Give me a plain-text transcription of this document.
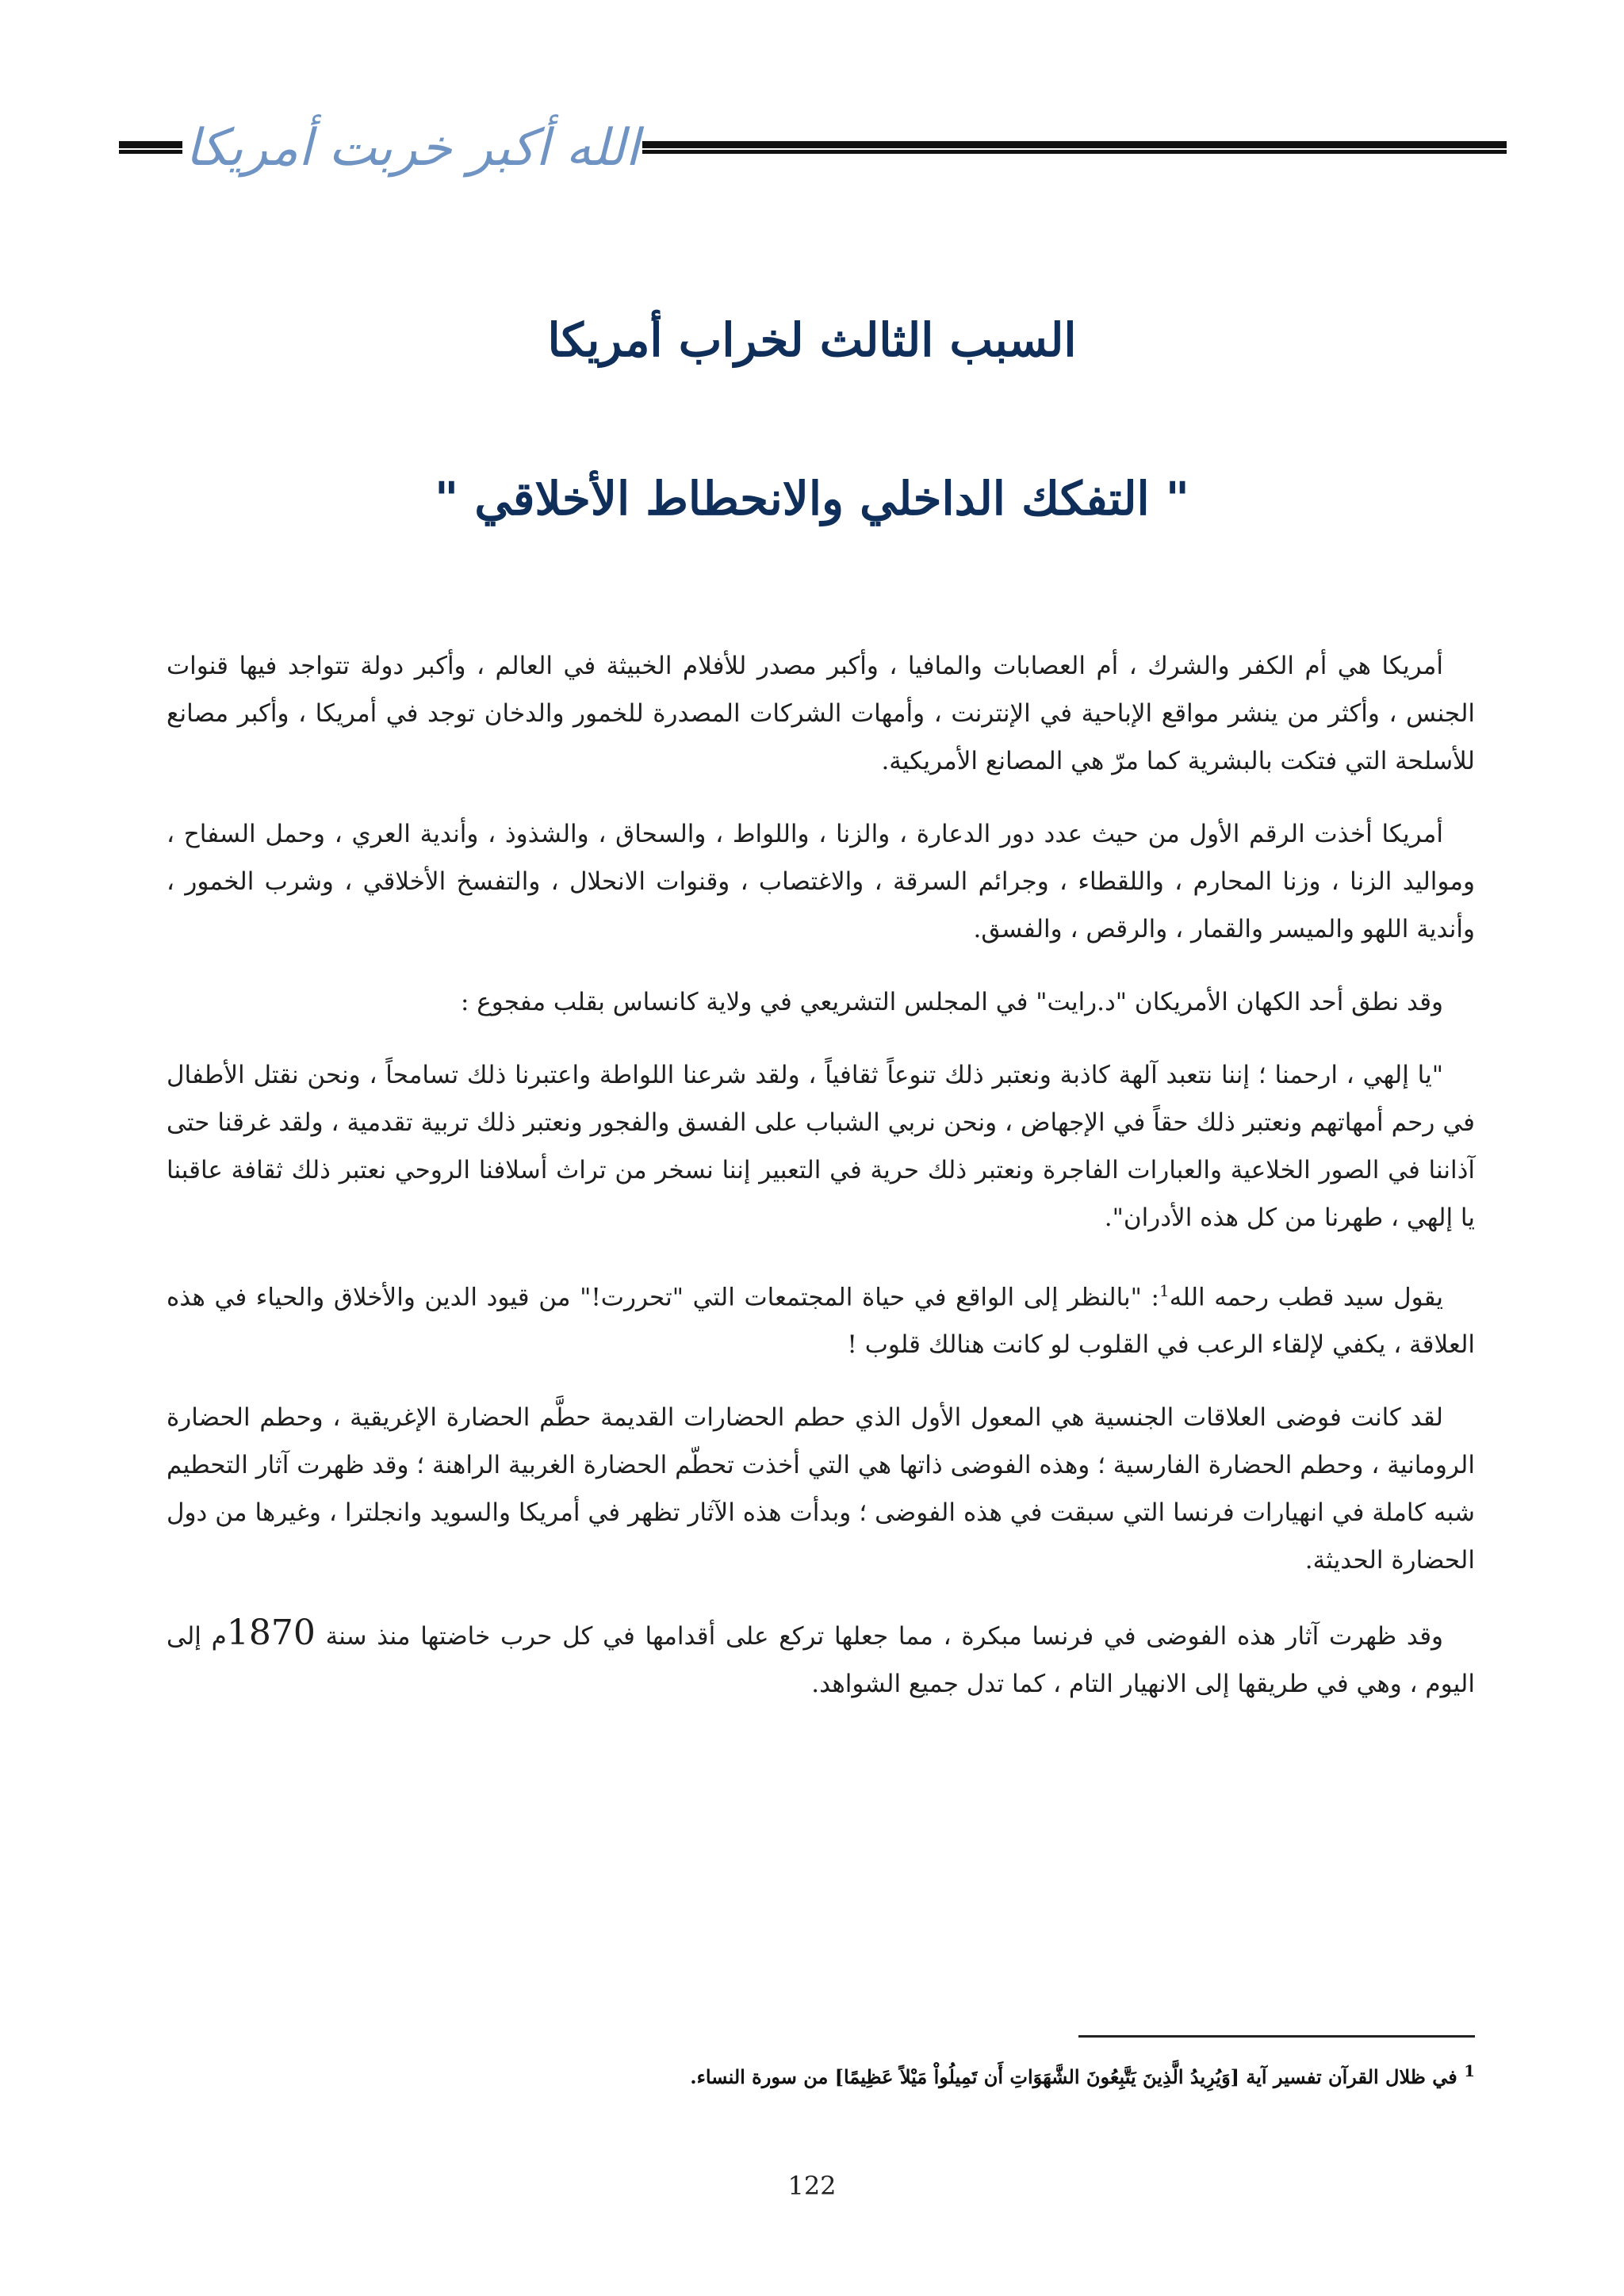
الله أكبر خربت أمريكا
السبب الثالث لخراب أمريكا
" التفكك الداخلي والانحطاط الأخلاقي "

أمريكا هي أم الكفر والشرك ، أم العصابات والمافيا ، وأكبر مصدر للأفلام الخبيثة في العالم ، وأكبر دولة تتواجد فيها قنوات الجنس ، وأكثر من ينشر مواقع الإباحية في الإنترنت ، وأمهات الشركات المصدرة للخمور والدخان توجد في أمريكا ، وأكبر مصانع للأسلحة التي فتكت بالبشرية كما مرّ هي المصانع الأمريكية.

أمريكا أخذت الرقم الأول من حيث عدد دور الدعارة ، والزنا ، واللواط ، والسحاق ، والشذوذ ، وأندية العري ، وحمل السفاح ، ومواليد الزنا ، وزنا المحارم ، واللقطاء ، وجرائم السرقة ، والاغتصاب ، وقنوات الانحلال ، والتفسخ الأخلاقي ، وشرب الخمور ، وأندية اللهو والميسر والقمار ، والرقص ، والفسق.

وقد نطق أحد الكهان الأمريكان "د.رايت" في المجلس التشريعي في ولاية كانساس بقلب مفجوع :

"يا إلهي ، ارحمنا ؛ إننا نتعبد آلهة كاذبة ونعتبر ذلك تنوعاً ثقافياً ، ولقد شرعنا اللواطة واعتبرنا ذلك تسامحاً ، ونحن نقتل الأطفال في رحم أمهاتهم ونعتبر ذلك حقاً في الإجهاض ، ونحن نربي الشباب على الفسق والفجور ونعتبر ذلك تربية تقدمية ، ولقد غرقنا حتى آذاننا في الصور الخلاعية والعبارات الفاجرة ونعتبر ذلك حرية في التعبير إننا نسخر من تراث أسلافنا الروحي نعتبر ذلك ثقافة عاقبنا يا إلهي ، طهرنا من كل هذه الأدران".

يقول سيد قطب رحمه الله$^1$: "بالنظر إلى الواقع في حياة المجتمعات التي "تحررت!" من قيود الدين والأخلاق والحياء في هذه العلاقة ، يكفي لإلقاء الرعب في القلوب لو كانت هنالك قلوب !

لقد كانت فوضى العلاقات الجنسية هي المعول الأول الذي حطم الحضارات القديمة حطَّم الحضارة الإغريقية ، وحطم الحضارة الرومانية ، وحطم الحضارة الفارسية ؛ وهذه الفوضى ذاتها هي التي أخذت تحطّم الحضارة الغربية الراهنة ؛ وقد ظهرت آثار التحطيم شبه كاملة في انهيارات فرنسا التي سبقت في هذه الفوضى ؛ وبدأت هذه الآثار تظهر في أمريكا والسويد وانجلترا ، وغيرها من دول الحضارة الحديثة.

وقد ظهرت آثار هذه الفوضى في فرنسا مبكرة ، مما جعلها تركع على أقدامها في كل حرب خاضتها منذ سنة 1870م إلى اليوم ، وهي في طريقها إلى الانهيار التام ، كما تدل جميع الشواهد.

$^1$ في ظلال القرآن تفسير آية [وَيُرِيدُ الَّذِينَ يَتَّبِعُونَ الشَّهَوَاتِ أَن تَمِيلُواْ مَيْلاً عَظِيمًا] من سورة النساء.
122
